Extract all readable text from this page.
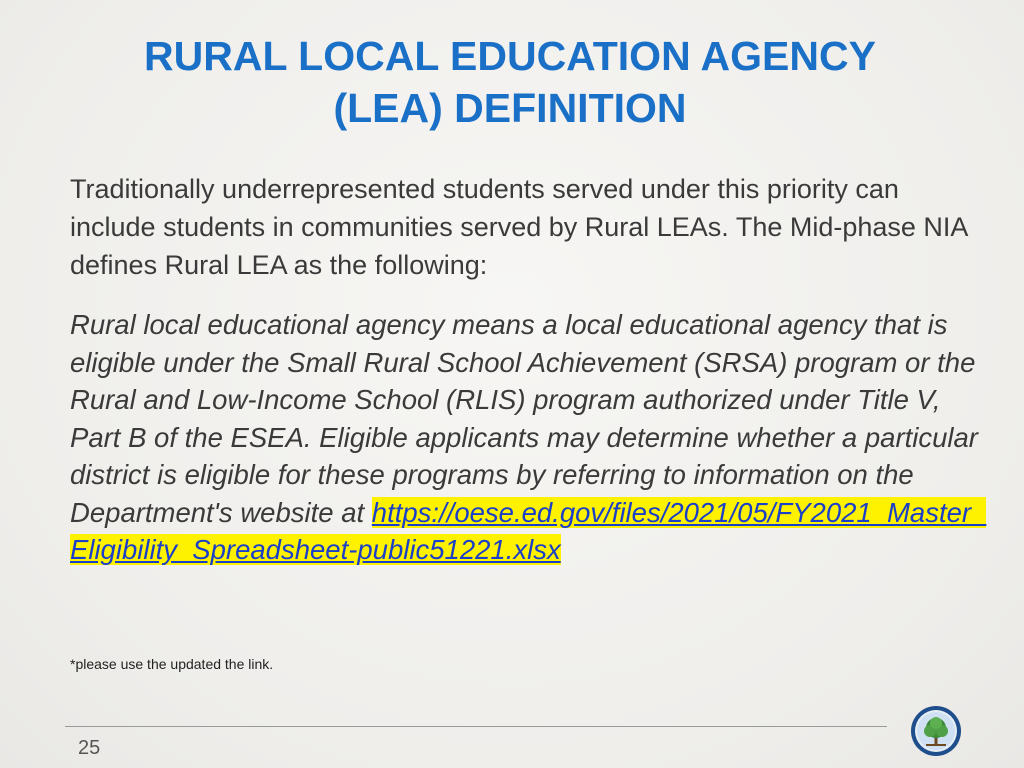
RURAL LOCAL EDUCATION AGENCY
(LEA) DEFINITION

Traditionally underrepresented students served under this priority can include students in communities served by Rural LEAs. The Mid-phase NIA defines Rural LEA as the following:

Rural local educational agency means a local educational agency that is eligible under the Small Rural School Achievement (SRSA) program or the Rural and Low-Income School (RLIS) program authorized under Title V, Part B of the ESEA. Eligible applicants may determine whether a particular district is eligible for these programs by referring to information on the Department's website at https://oese.ed.gov/files/2021/05/FY2021_Master_Eligibility_Spreadsheet-public51221.xlsx

*please use the updated the link.

25
